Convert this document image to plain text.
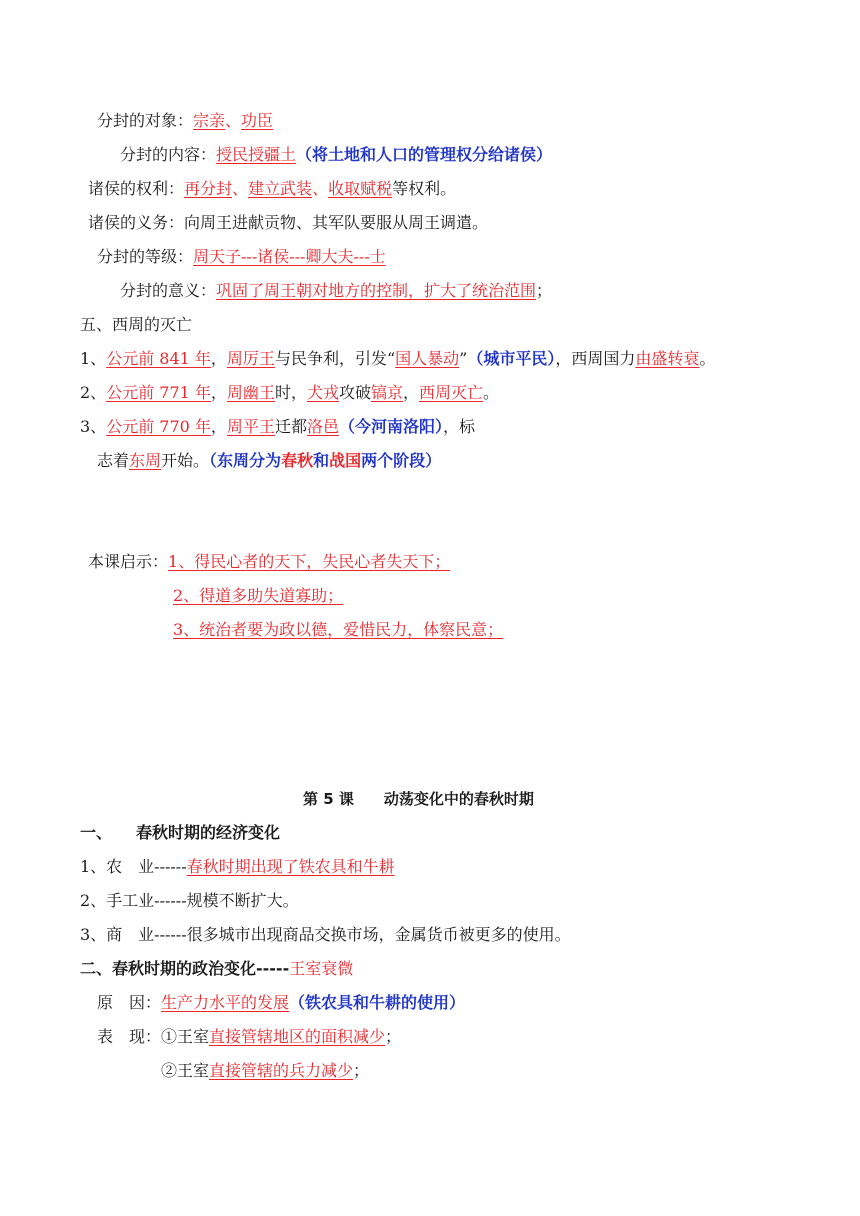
分封的对象：宗亲、功臣
分封的内容：授民授疆土（将土地和人口的管理权分给诸侯）
诸侯的权利：再分封、建立武装、收取赋税等权利。
诸侯的义务：向周王进献贡物、其军队要服从周王调遣。
分封的等级：周天子---诸侯---卿大夫---士
分封的意义：巩固了周王朝对地方的控制，扩大了统治范围；
五、西周的灭亡
1、公元前 841 年，周厉王与民争利，引发“国人暴动”（城市平民），西周国力由盛转衰。
2、公元前 771 年，周幽王时，犬戎攻破镐京，西周灭亡。
3、公元前 770 年，周平王迁都洛邑（今河南洛阳），标
志着东周开始。（东周分为春秋和战国两个阶段）
本课启示：1、得民心者的天下，失民心者失天下；
2、得道多助失道寡助；
3、统治者要为政以德，爱惜民力，体察民意；
第 5 课　　动荡变化中的春秋时期
一、　　春秋时期的经济变化
1、农　业------春秋时期出现了铁农具和牛耕
2、手工业------规模不断扩大。
3、商　业------很多城市出现商品交换市场，金属货币被更多的使用。
二、春秋时期的政治变化-----王室衰微
原　因：生产力水平的发展（铁农具和牛耕的使用）
表　现：①王室直接管辖地区的面积减少；
②王室直接管辖的兵力减少；
